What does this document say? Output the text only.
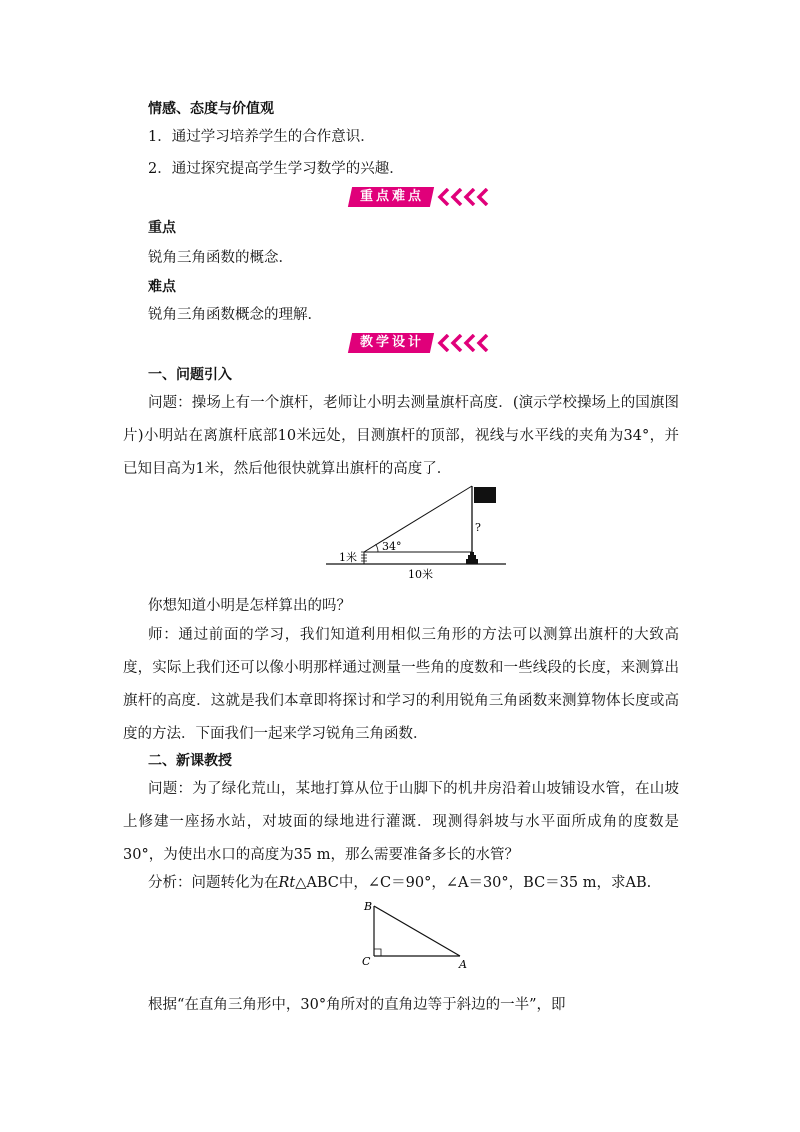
情感、态度与价值观
1．通过学习培养学生的合作意识．
2．通过探究提高学生学习数学的兴趣．
重点难点
重点
锐角三角函数的概念．
难点
锐角三角函数概念的理解．
教学设计
一、问题引入
问题：操场上有一个旗杆，老师让小明去测量旗杆高度．(演示学校操场上的国旗图片)小明站在离旗杆底部10米远处，目测旗杆的顶部，视线与水平线的夹角为34°，并已知目高为1米，然后他很快就算出旗杆的高度了．
34°
1米
?
10米
你想知道小明是怎样算出的吗？
师：通过前面的学习，我们知道利用相似三角形的方法可以测算出旗杆的大致高度，实际上我们还可以像小明那样通过测量一些角的度数和一些线段的长度，来测算出旗杆的高度．这就是我们本章即将探讨和学习的利用锐角三角函数来测算物体长度或高度的方法．下面我们一起来学习锐角三角函数．
二、新课教授
问题：为了绿化荒山，某地打算从位于山脚下的机井房沿着山坡铺设水管，在山坡上修建一座扬水站，对坡面的绿地进行灌溉．现测得斜坡与水平面所成角的度数是30°，为使出水口的高度为35 m，那么需要准备多长的水管？
分析：问题转化为在Rt△ABC中，∠C＝90°，∠A＝30°，BC＝35 m，求AB.
B
C	A
根据“在直角三角形中，30°角所对的直角边等于斜边的一半”，即
